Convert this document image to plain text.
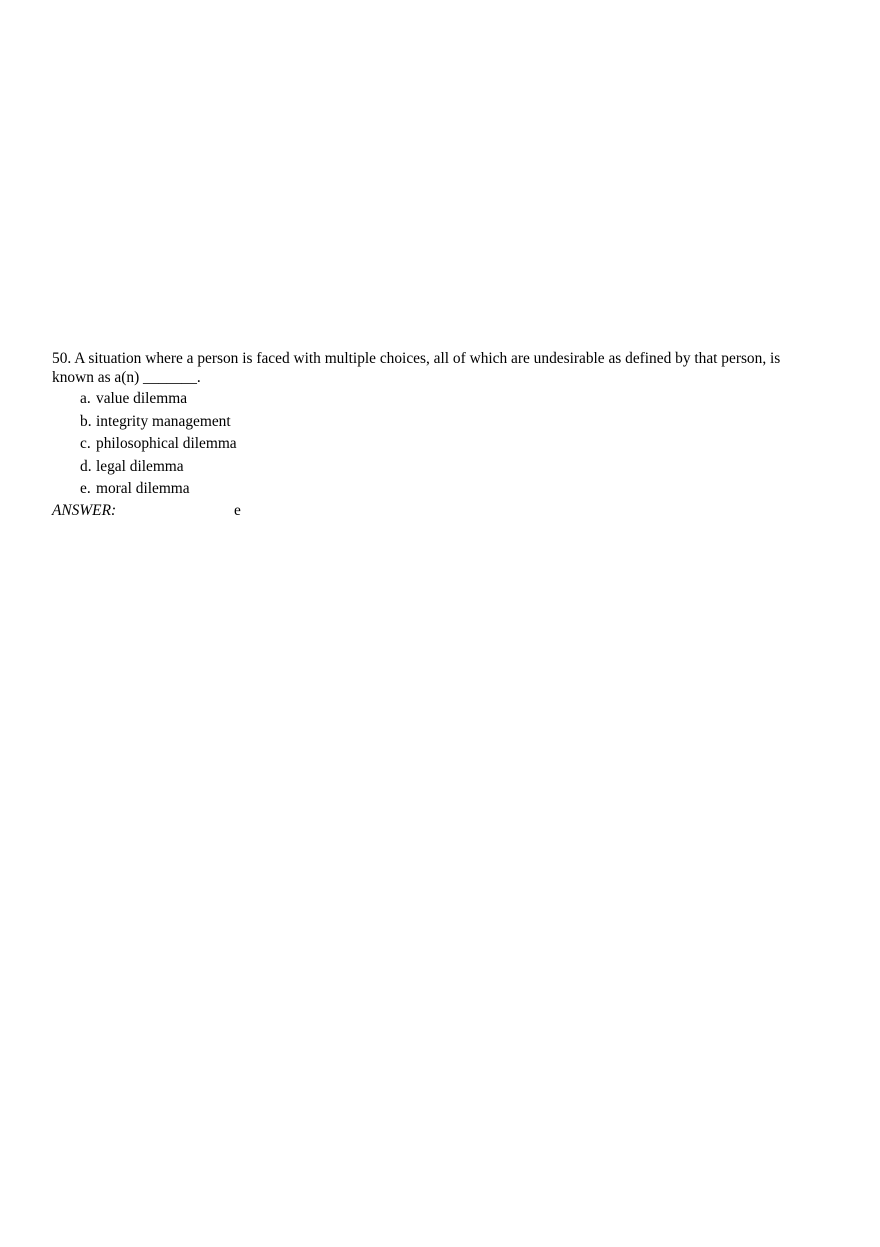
50. A situation where a person is faced with multiple choices, all of which are undesirable as defined by that person, is known as a(n) _______.

a. value dilemma
b. integrity management
c. philosophical dilemma
d. legal dilemma
e. moral dilemma
ANSWER:	e
